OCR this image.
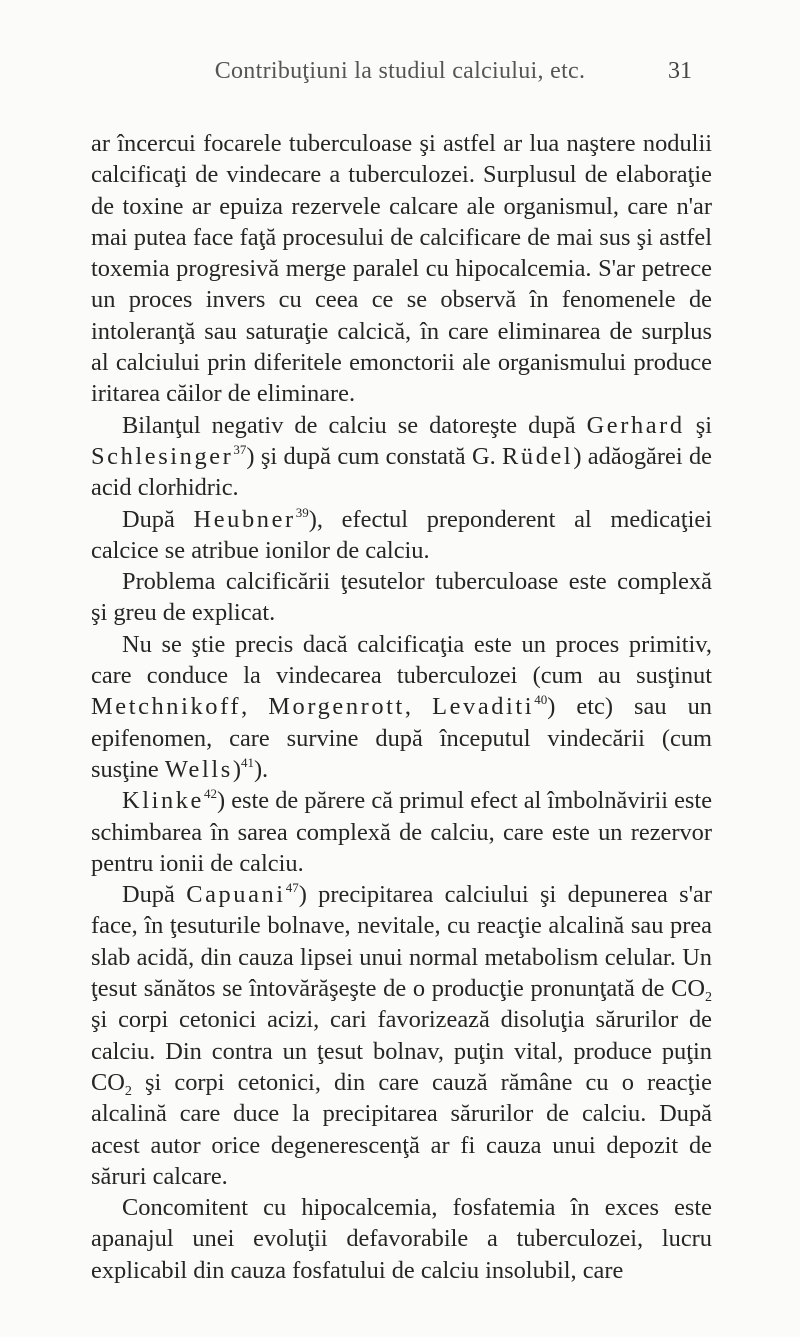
Contribuţiuni la studiul calciului, etc.	31

ar încercui focarele tuberculoase şi astfel ar lua naştere nodulii calcificaţi de vindecare a tuberculozei. Surplusul de elaboraţie de toxine ar epuiza rezervele calcare ale organismul, care n'ar mai putea face faţă procesului de calcificare de mai sus şi astfel toxemia progresivă merge paralel cu hipocalcemia. S'ar petrece un proces invers cu ceea ce se observă în fenomenele de intoleranţă sau saturaţie calcică, în care eliminarea de surplus al calciului prin diferitele emonctorii ale organismului produce iritarea căilor de eliminare.

Bilanţul negativ de calciu se datoreşte după Gerhard şi Schlesinger$^{37}$) şi după cum constată G. Rüdel) adăogărei de acid clorhidric.

După Heubner$^{39}$), efectul preponderent al medicaţiei calcice se atribue ionilor de calciu.

Problema calcificării ţesutelor tuberculoase este complexă şi greu de explicat.

Nu se ştie precis dacă calcificaţia este un proces primitiv, care conduce la vindecarea tuberculozei (cum au susţinut Metchnikoff, Morgenrott, Levaditi$^{40}$) etc) sau un epifenomen, care survine după începutul vindecării (cum susţine Wells)$^{41}$).

Klinke$^{42}$) este de părere că primul efect al îmbolnăvirii este schimbarea în sarea complexă de calciu, care este un rezervor pentru ionii de calciu.

După Capuani$^{47}$) precipitarea calciului şi depunerea s'ar face, în ţesuturile bolnave, nevitale, cu reacţie alcalină sau prea slab acidă, din cauza lipsei unui normal metabolism celular. Un ţesut sănătos se întovărăşeşte de o producţie pronunţată de $CO_2$ şi corpi cetonici acizi, cari favorizează disoluţia sărurilor de calciu. Din contra un ţesut bolnav, puţin vital, produce puţin $CO_2$ şi corpi cetonici, din care cauză rămâne cu o reacţie alcalină care duce la precipitarea sărurilor de calciu. După acest autor orice degenerescenţă ar fi cauza unui depozit de săruri calcare.

Concomitent cu hipocalcemia, fosfatemia în exces este apanajul unei evoluţii defavorabile a tuberculozei, lucru explicabil din cauza fosfatului de calciu insolubil, care
